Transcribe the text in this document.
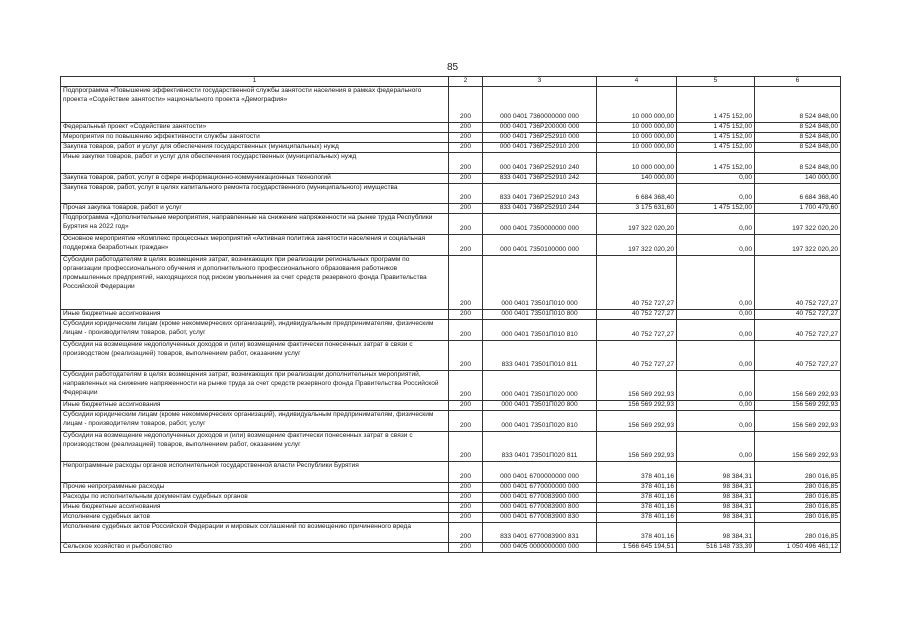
85
1	2	3	4	5	6
Подпрограмма «Повышение эффективности государственной службы занятости населения в рамках федерального проекта «Содействие занятости» национального проекта «Демография»	200	000 0401 7360000000 000	10 000 000,00	1 475 152,00	8 524 848,00
Федеральный проект «Содействие занятости»	200	000 0401 736P200000 000	10 000 000,00	1 475 152,00	8 524 848,00
Мероприятия по повышению эффективности службы занятости	200	000 0401 736P252910 000	10 000 000,00	1 475 152,00	8 524 848,00
Закупка товаров, работ и услуг для обеспечения государственных (муниципальных) нужд	200	000 0401 736P252910 200	10 000 000,00	1 475 152,00	8 524 848,00
Иные закупки товаров, работ и услуг для обеспечения государственных (муниципальных) нужд	200	000 0401 736P252910 240	10 000 000,00	1 475 152,00	8 524 848,00
Закупка товаров, работ, услуг в сфере информационно-коммуникационных технологий	200	833 0401 736P252910 242	140 000,00	0,00	140 000,00
Закупка товаров, работ, услуг в целях капитального ремонта государственного (муниципального) имущества	200	833 0401 736P252910 243	6 684 368,40	0,00	6 684 368,40
Прочая закупка товаров, работ и услуг	200	833 0401 736P252910 244	3 175 631,60	1 475 152,00	1 700 479,60
Подпрограмма «Дополнительные мероприятия, направленные на снижение напряженности на рынке труда Республики Бурятия на 2022 год»	200	000 0401 7350000000 000	197 322 020,20	0,00	197 322 020,20
Основное мероприятие «Комплекс процессных мероприятий «Активная политика занятости населения и социальная поддержка безработных граждан»	200	000 0401 7350100000 000	197 322 020,20	0,00	197 322 020,20
Субсидии работодателям в целях возмещения затрат, возникающих при реализации региональных программ по организации профессионального обучения и дополнительного профессионального образования работников промышленных предприятий, находящихся под риском увольнения за счет средств резервного фонда Правительства Российской Федерации	200	000 0401 73501П010 000	40 752 727,27	0,00	40 752 727,27
Иные бюджетные ассигнования	200	000 0401 73501П010 800	40 752 727,27	0,00	40 752 727,27
Субсидии юридическим лицам (кроме некоммерческих организаций), индивидуальным предпринимателям, физическим лицам - производителям товаров, работ, услуг	200	000 0401 73501П010 810	40 752 727,27	0,00	40 752 727,27
Субсидии на возмещение недополученных доходов и (или) возмещение фактически понесенных затрат в связи с производством (реализацией) товаров, выполнением работ, оказанием услуг	200	833 0401 73501П010 811	40 752 727,27	0,00	40 752 727,27
Субсидии работодателям в целях возмещения затрат, возникающих при реализации дополнительных мероприятий, направленных на снижение напряженности на рынке труда за счет средств резервного фонда Правительства Российской Федерации	200	000 0401 73501П020 000	156 569 292,93	0,00	156 569 292,93
Иные бюджетные ассигнования	200	000 0401 73501П020 800	156 569 292,93	0,00	156 569 292,93
Субсидии юридическим лицам (кроме некоммерческих организаций), индивидуальным предпринимателям, физическим лицам - производителям товаров, работ, услуг	200	000 0401 73501П020 810	156 569 292,93	0,00	156 569 292,93
Субсидии на возмещение недополученных доходов и (или) возмещение фактически понесенных затрат в связи с производством (реализацией) товаров, выполнением работ, оказанием услуг	200	833 0401 73501П020 811	156 569 292,93	0,00	156 569 292,93
Непрограммные расходы органов исполнительной государственной власти Республики Бурятия	200	000 0401 6700000000 000	378 401,16	98 384,31	280 016,85
Прочие непрограммные расходы	200	000 0401 6770000000 000	378 401,16	98 384,31	280 016,85
Расходы по исполнительным документам судебных органов	200	000 0401 6770083900 000	378 401,16	98 384,31	280 016,85
Иные бюджетные ассигнования	200	000 0401 6770083900 800	378 401,16	98 384,31	280 016,85
Исполнение судебных актов	200	000 0401 6770083900 830	378 401,16	98 384,31	280 016,85
Исполнение судебных актов Российской Федерации и мировых соглашений по возмещению причиненного вреда	200	833 0401 6770083900 831	378 401,16	98 384,31	280 016,85
Сельское хозяйство и рыболовство	200	000 0405 0000000000 000	1 566 645 194,51	516 148 733,39	1 050 496 461,12
